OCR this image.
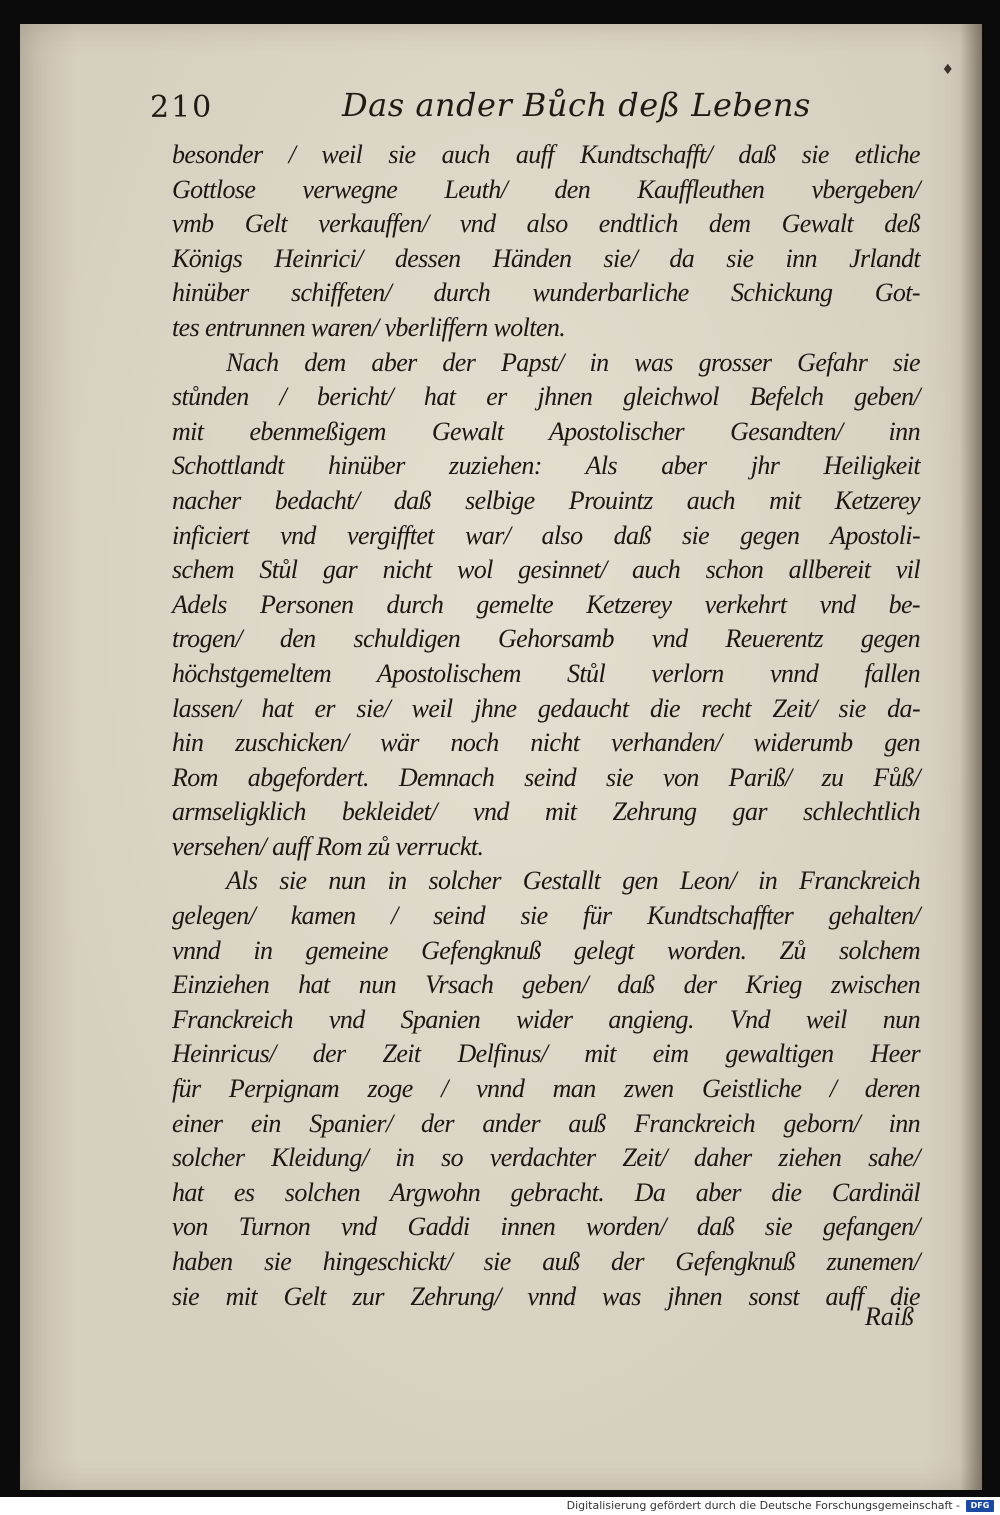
♦
210	Das ander Bůch deß Lebens
besonder / weil sie auch auff Kundtschafft/ daß sie etliche
Gottlose verwegne Leuth/ den Kauffleuthen vbergeben/
vmb Gelt verkauffen/ vnd also endtlich dem Gewalt deß
Königs Heinrici/ dessen Händen sie/ da sie inn Jrlandt
hinüber schiffeten/ durch wunderbarliche Schickung Got-
tes entrunnen waren/ vberliffern wolten.
Nach dem aber der Papst/ in was grosser Gefahr sie
stůnden / bericht/ hat er jhnen gleichwol Befelch geben/
mit ebenmeßigem Gewalt Apostolischer Gesandten/ inn
Schottlandt hinüber zuziehen: Als aber jhr Heiligkeit
nacher bedacht/ daß selbige Prouintz auch mit Ketzerey
inficiert vnd vergifftet war/ also daß sie gegen Apostoli-
schem Stůl gar nicht wol gesinnet/ auch schon allbereit vil
Adels Personen durch gemelte Ketzerey verkehrt vnd be-
trogen/ den schuldigen Gehorsamb vnd Reuerentz gegen
höchstgemeltem Apostolischem Stůl verlorn vnnd fallen
lassen/ hat er sie/ weil jhne gedaucht die recht Zeit/ sie da-
hin zuschicken/ wär noch nicht verhanden/ widerumb gen
Rom abgefordert. Demnach seind sie von Pariß/ zu Fůß/
armseligklich bekleidet/ vnd mit Zehrung gar schlechtlich
versehen/ auff Rom zů verruckt.
Als sie nun in solcher Gestallt gen Leon/ in Franckreich
gelegen/ kamen / seind sie für Kundtschaffter gehalten/
vnnd in gemeine Gefengknuß gelegt worden. Zů solchem
Einziehen hat nun Vrsach geben/ daß der Krieg zwischen
Franckreich vnd Spanien wider angieng. Vnd weil nun
Heinricus/ der Zeit Delfinus/ mit eim gewaltigen Heer
für Perpignam zoge / vnnd man zwen Geistliche / deren
einer ein Spanier/ der ander auß Franckreich geborn/ inn
solcher Kleidung/ in so verdachter Zeit/ daher ziehen sahe/
hat es solchen Argwohn gebracht. Da aber die Cardinäl
von Turnon vnd Gaddi innen worden/ daß sie gefangen/
haben sie hingeschickt/ sie auß der Gefengknuß zunemen/
sie mit Gelt zur Zehrung/ vnnd was jhnen sonst auff die
Raiß
Digitalisierung gefördert durch die Deutsche Forschungsgemeinschaft -	DFG
